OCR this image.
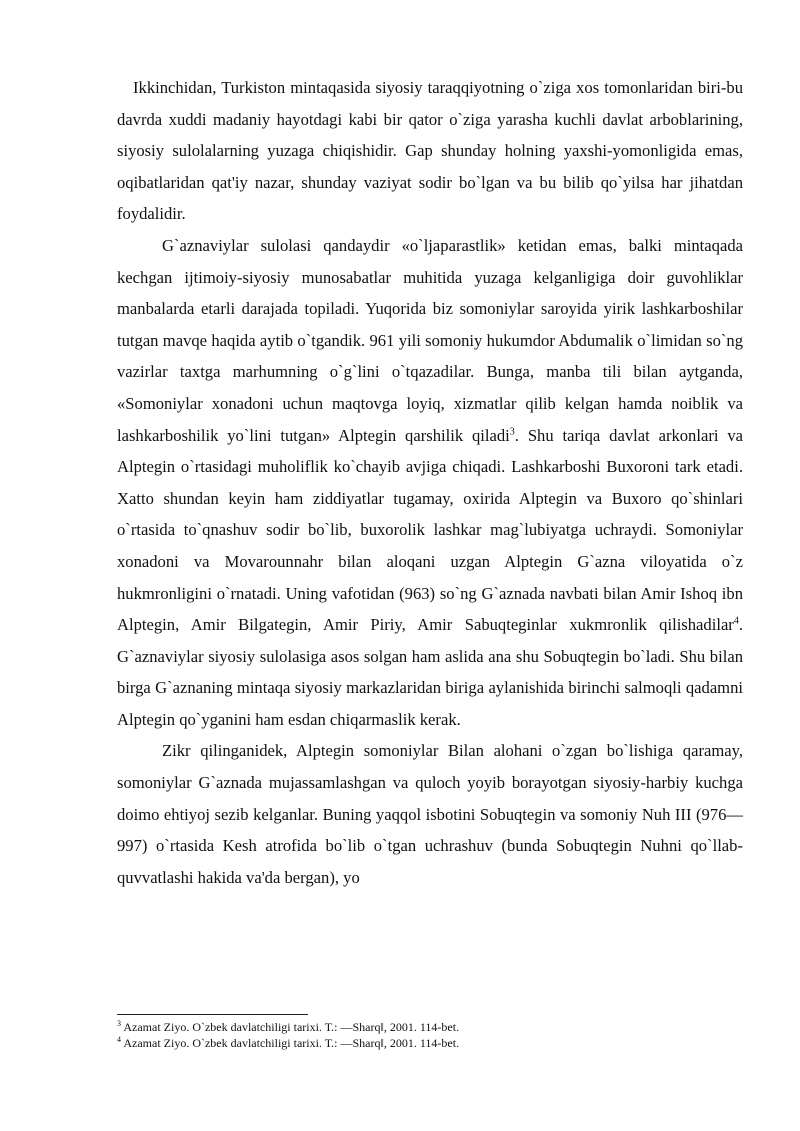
Ikkinchidan, Turkiston mintaqasida siyosiy taraqqiyotning o`ziga xos tomonlaridan biri-bu davrda xuddi madaniy hayotdagi kabi bir qator o`ziga yarasha kuchli davlat arboblarining, siyosiy sulolalarning yuzaga chiqishidir. Gap shunday holning yaxshi-yomonligida emas, oqibatlaridan qat'iy nazar, shunday vaziyat sodir bo`lgan va bu bilib qo`yilsa har jihatdan foydalidir.

G`aznaviylar sulolasi qandaydir «o`ljaparastlik» ketidan emas, balki mintaqada kechgan ijtimoiy-siyosiy munosabatlar muhitida yuzaga kelganligiga doir guvohliklar manbalarda etarli darajada topiladi. Yuqorida biz somoniylar saroyida yirik lashkarboshilar tutgan mavqe haqida aytib o`tgandik. 961 yili somoniy hukumdor Abdumalik o`limidan so`ng vazirlar taxtga marhumning o`g`lini o`tqazadilar. Bunga, manba tili bilan aytganda, «Somoniylar xonadoni uchun maqtovga loyiq, xizmatlar qilib kelgan hamda noiblik va lashkarboshilik yo`lini tutgan» Alptegin qarshilik qiladi$^3$. Shu tariqa davlat arkonlari va Alptegin o`rtasidagi muholiflik ko`chayib avjiga chiqadi. Lashkarboshi Buxoroni tark etadi. Xatto shundan keyin ham ziddiyatlar tugamay, oxirida Alptegin va Buxoro qo`shinlari o`rtasida to`qnashuv sodir bo`lib, buxorolik lashkar mag`lubiyatga uchraydi. Somoniylar xonadoni va Movarounnahr bilan aloqani uzgan Alptegin G`azna viloyatida o`z hukmronligini o`rnatadi. Uning vafotidan (963) so`ng G`aznada navbati bilan Amir Ishoq ibn Alptegin, Amir Bilgategin, Amir Piriy, Amir Sabuqteginlar xukmronlik qilishadilar$^4$. G`aznaviylar siyosiy sulolasiga asos solgan ham aslida ana shu Sobuqtegin bo`ladi. Shu bilan birga G`aznaning mintaqa siyosiy markazlaridan biriga aylanishida birinchi salmoqli qadamni Alptegin qo`yganini ham esdan chiqarmaslik kerak.

Zikr qilinganidek, Alptegin somoniylar Bilan alohani o`zgan bo`lishiga qaramay, somoniylar G`aznada mujassamlashgan va quloch yoyib borayotgan siyosiy-harbiy kuchga doimo ehtiyoj sezib kelganlar. Buning yaqqol isbotini Sobuqtegin va somoniy Nuh III (976—997) o`rtasida Kesh atrofida bo`lib o`tgan uchrashuv (bunda Sobuqtegin Nuhni qo`llab-quvvatlashi hakida va'da bergan), yo

$^3$ Azamat Ziyo. O`zbek davlatchiligi tarixi. T.: ―Sharq‖, 2001. 114-bet.
$^4$ Azamat Ziyo. O`zbek davlatchiligi tarixi. T.: ―Sharq‖, 2001. 114-bet.
